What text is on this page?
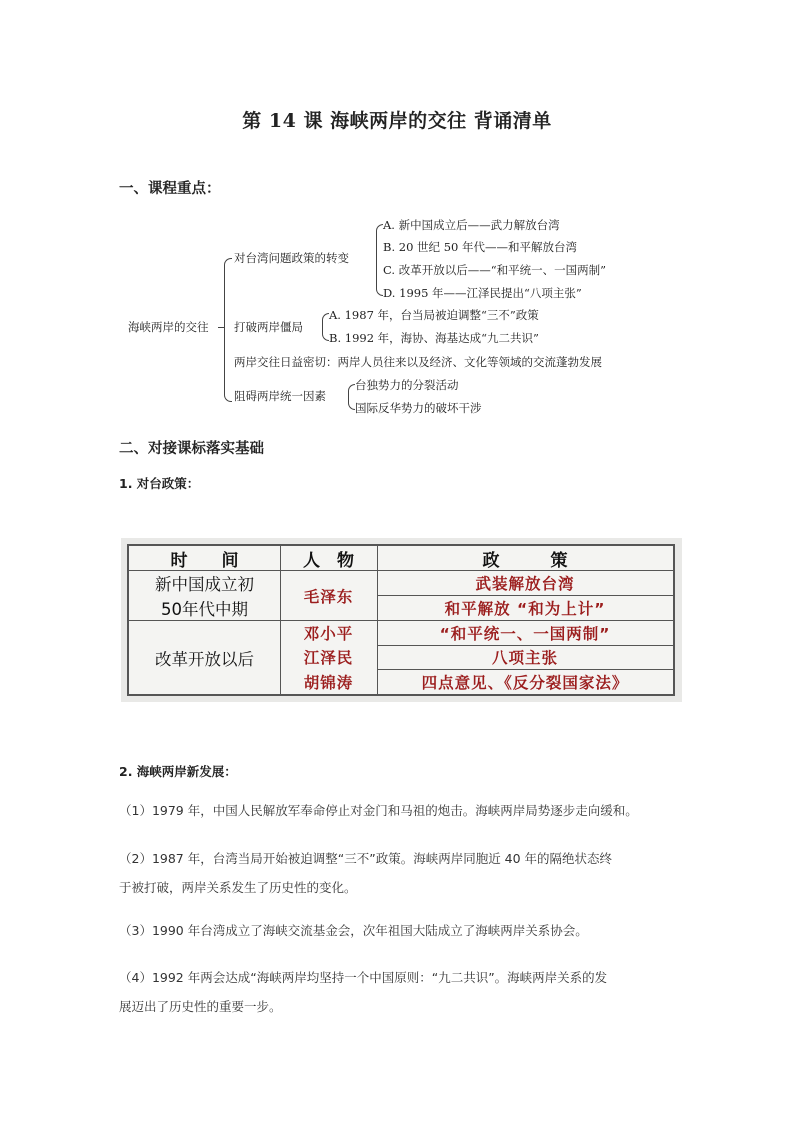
第 14 课 海峡两岸的交往 背诵清单
一、课程重点：
海峡两岸的交往
对台湾问题政策的转变
A. 新中国成立后——武力解放台湾
B. 20 世纪 50 年代——和平解放台湾
C. 改革开放以后——“和平统一、一国两制”
D. 1995 年——江泽民提出“八项主张”
打破两岸僵局
A. 1987 年，台当局被迫调整“三不”政策
B. 1992 年，海协、海基达成“九二共识”
两岸交往日益密切：两岸人员往来以及经济、文化等领域的交流蓬勃发展
阻碍两岸统一因素
台独势力的分裂活动
国际反华势力的破坏干涉
二、对接课标落实基础
1. 对台政策：
时　　间	人　物	政　　　策
新中国成立初
50年代中期
改革开放以后
毛泽东
邓小平
江泽民
胡锦涛
武装解放台湾
和平解放 “和为上计”
“和平统一、一国两制”
八项主张
四点意见、《反分裂国家法》
2. 海峡两岸新发展：
（1）1979 年，中国人民解放军奉命停止对金门和马祖的炮击。海峡两岸局势逐步走向缓和。
（2）1987 年，台湾当局开始被迫调整“三不”政策。海峡两岸同胞近 40 年的隔绝状态终
于被打破，两岸关系发生了历史性的变化。
（3）1990 年台湾成立了海峡交流基金会，次年祖国大陆成立了海峡两岸关系协会。
（4）1992 年两会达成“海峡两岸均坚持一个中国原则：“九二共识”。海峡两岸关系的发
展迈出了历史性的重要一步。
